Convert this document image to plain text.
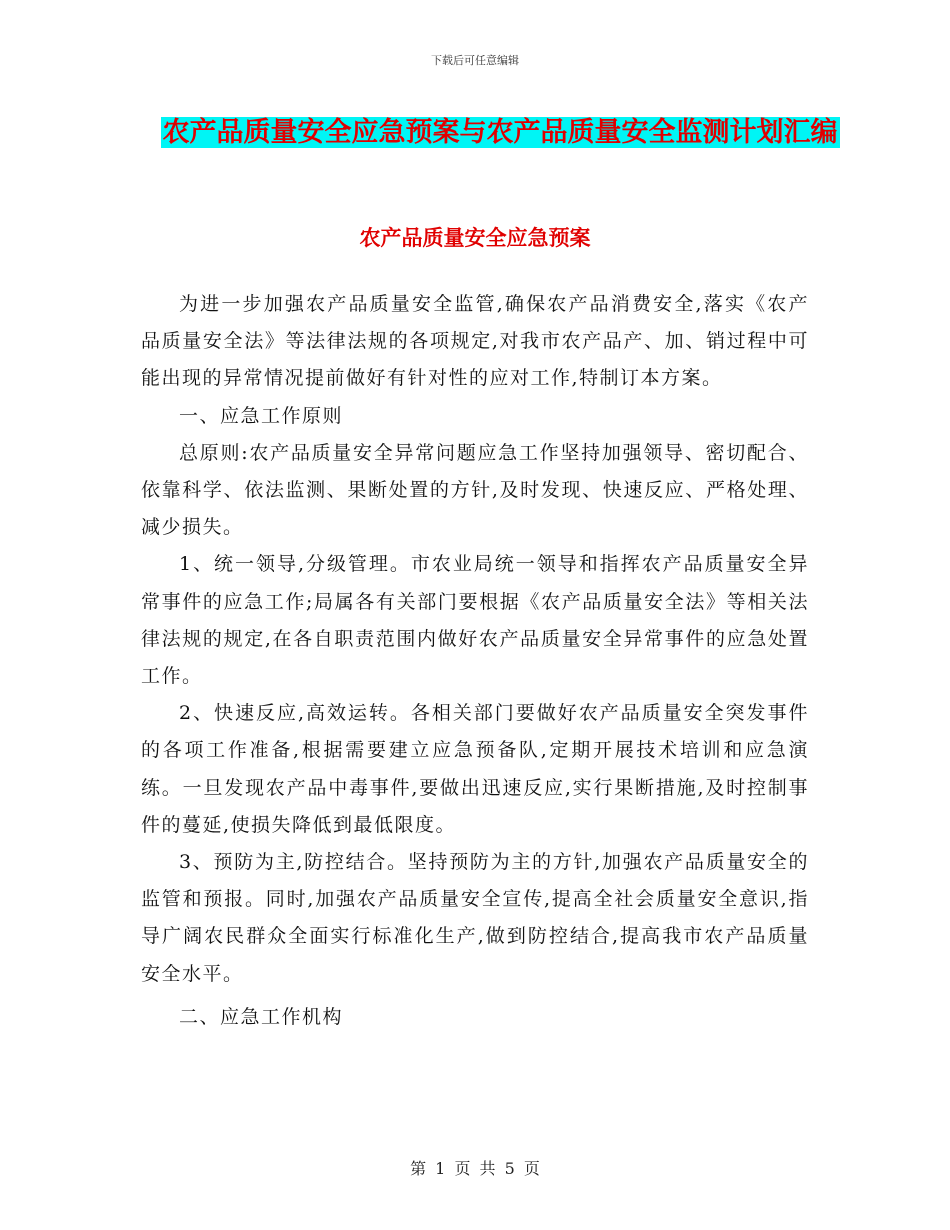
下载后可任意编辑
农产品质量安全应急预案与农产品质量安全监测计划汇编
农产品质量安全应急预案

为进一步加强农产品质量安全监管,确保农产品消费安全,落实《农产品质量安全法》等法律法规的各项规定,对我市农产品产、加、销过程中可能出现的异常情况提前做好有针对性的应对工作,特制订本方案。

一、应急工作原则

总原则:农产品质量安全异常问题应急工作坚持加强领导、密切配合、依靠科学、依法监测、果断处置的方针,及时发现、快速反应、严格处理、减少损失。

1、统一领导,分级管理。市农业局统一领导和指挥农产品质量安全异常事件的应急工作;局属各有关部门要根据《农产品质量安全法》等相关法律法规的规定,在各自职责范围内做好农产品质量安全异常事件的应急处置工作。

2、快速反应,高效运转。各相关部门要做好农产品质量安全突发事件的各项工作准备,根据需要建立应急预备队,定期开展技术培训和应急演练。一旦发现农产品中毒事件,要做出迅速反应,实行果断措施,及时控制事件的蔓延,使损失降低到最低限度。

3、预防为主,防控结合。坚持预防为主的方针,加强农产品质量安全的监管和预报。同时,加强农产品质量安全宣传,提高全社会质量安全意识,指导广阔农民群众全面实行标准化生产,做到防控结合,提高我市农产品质量安全水平。

二、应急工作机构

第 1 页 共 5 页
